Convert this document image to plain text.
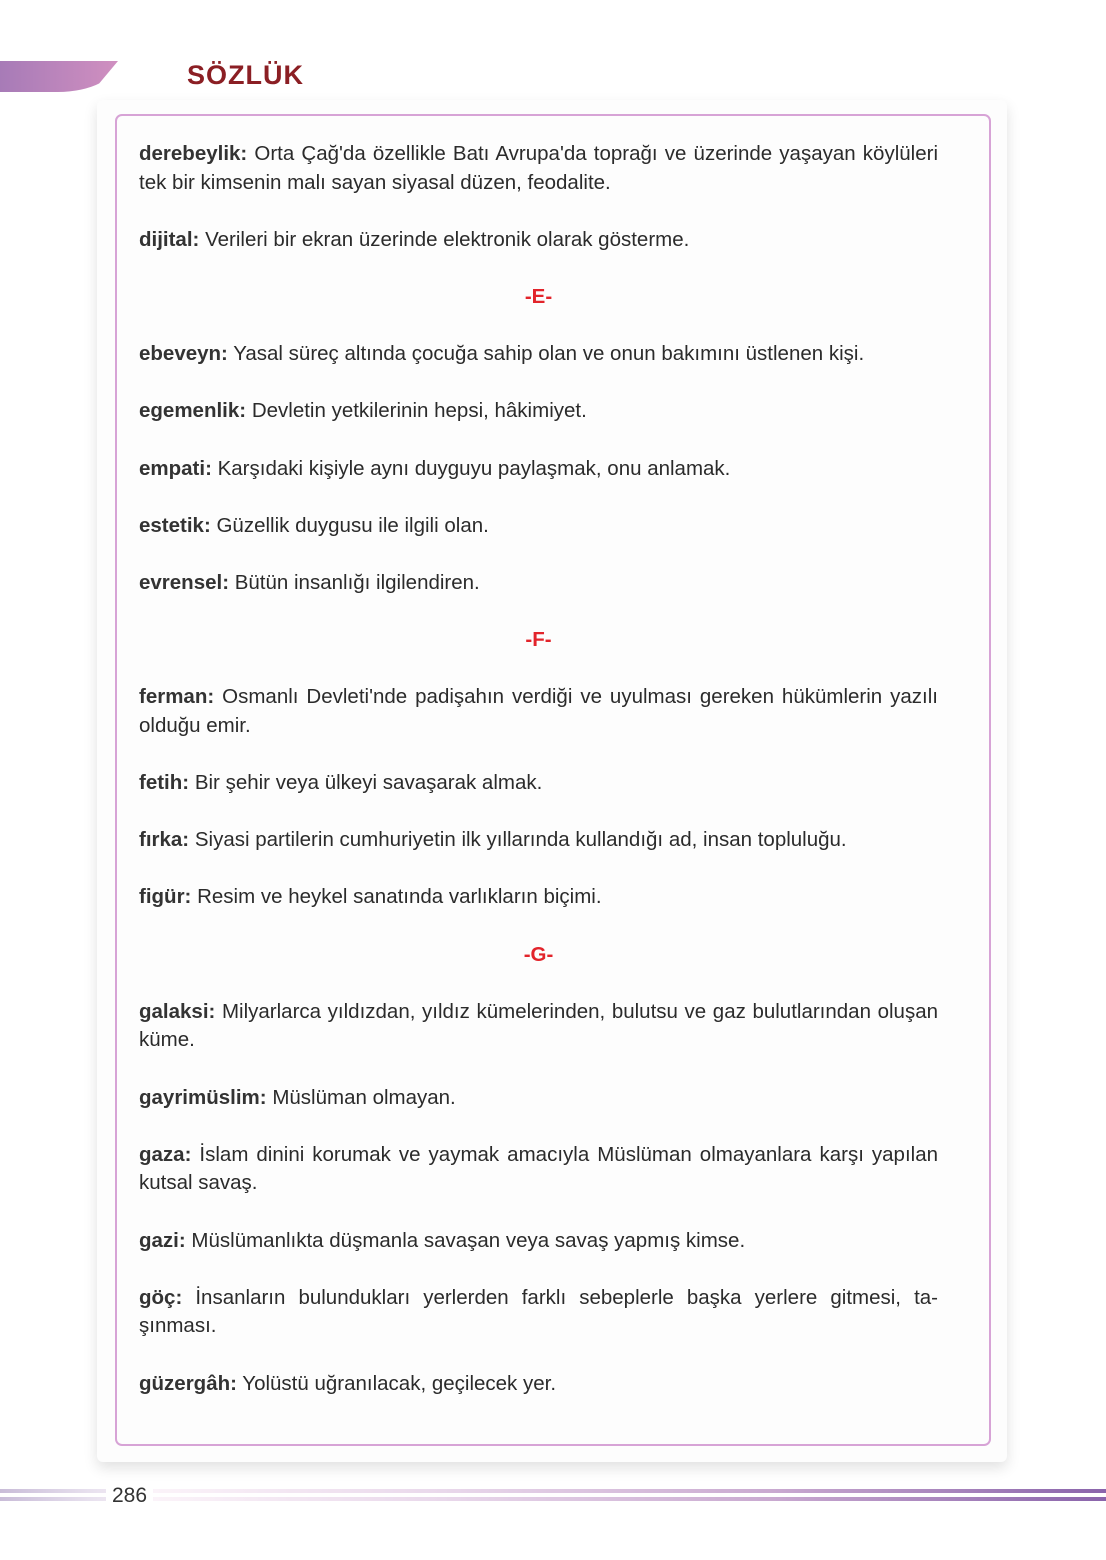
SÖZLÜK
derebeylik: Orta Çağ'da özellikle Batı Avrupa'da toprağı ve üzerinde yaşayan köylüleri tek bir kimsenin malı sayan siyasal düzen, feodalite.
dijital: Verileri bir ekran üzerinde elektronik olarak gösterme.
-E-
ebeveyn: Yasal süreç altında çocuğa sahip olan ve onun bakımını üstlenen kişi.
egemenlik: Devletin yetkilerinin hepsi, hâkimiyet.
empati: Karşıdaki kişiyle aynı duyguyu paylaşmak, onu anlamak.
estetik: Güzellik duygusu ile ilgili olan.
evrensel: Bütün insanlığı ilgilendiren.
-F-
ferman: Osmanlı Devleti'nde padişahın verdiği ve uyulması gereken hükümlerin yazılı olduğu emir.
fetih: Bir şehir veya ülkeyi savaşarak almak.
fırka: Siyasi partilerin cumhuriyetin ilk yıllarında kullandığı ad, insan topluluğu.
figür: Resim ve heykel sanatında varlıkların biçimi.
-G-
galaksi: Milyarlarca yıldızdan, yıldız kümelerinden, bulutsu ve gaz bulutlarından oluşan küme.
gayrimüslim: Müslüman olmayan.
gaza: İslam dinini korumak ve yaymak amacıyla Müslüman olmayanlara karşı yapılan kutsal savaş.
gazi: Müslümanlıkta düşmanla savaşan veya savaş yapmış kimse.
göç: İnsanların bulundukları yerlerden farklı sebeplerle başka yerlere gitmesi, taşınması.
güzergâh: Yolüstü uğranılacak, geçilecek yer.
286
